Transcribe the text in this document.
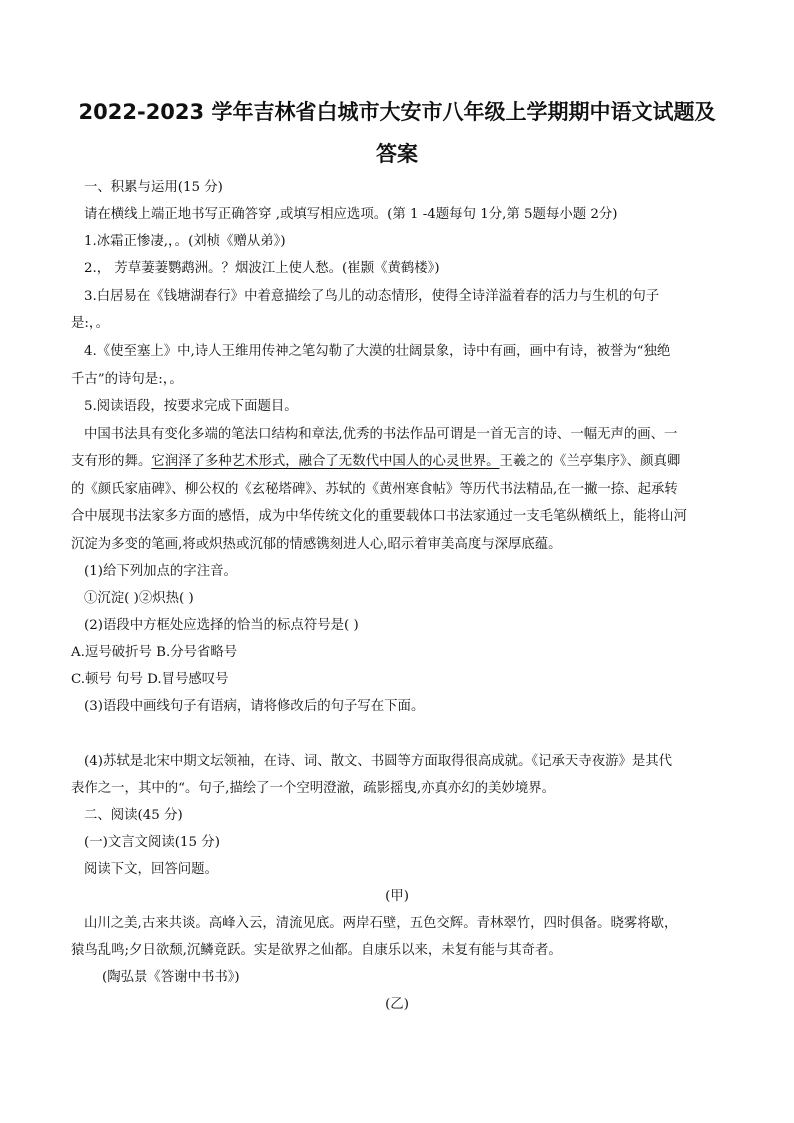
2022-2023 学年吉林省白城市大安市八年级上学期期中语文试题及
答案
一、积累与运用(15 分)
请在横线上端正地书写正确答穿 ,或填写相应选项。(第 1 -4题每句 1分,第 5题每小题 2分)
1.冰霜正惨凄,，。(刘桢《赠从弟》)
2.， 芳草萋萋鹦鹉洲。？烟波江上使人愁。(崔颢《黄鹤楼》)
3.白居易在《钱塘湖春行》中着意描绘了鸟儿的动态情形，使得全诗洋溢着春的活力与生机的句子
是:，。
4.《使至塞上》中,诗人王维用传神之笔勾勒了大漠的壮阔景象，诗中有画，画中有诗，被誉为“独绝
千古”的诗句是:，。
5.阅读语段，按要求完成下面题目。
中国书法具有变化多端的笔法口结构和章法,优秀的书法作品可谓是一首无言的诗、一幅无声的画、一
支有形的舞。它润泽了多种艺术形式，融合了无数代中国人的心灵世界。王羲之的《兰亭集序》、颜真卿
的《颜氏家庙碑》、柳公权的《玄秘塔碑》、苏轼的《黄州寒食帖》等历代书法精品,在一撇一捺、起承转
合中展现书法家多方面的感悟，成为中华传统文化的重要载体口书法家通过一支毛笔纵横纸上，能将山河
沉淀为多变的笔画,将或炽热或沉郁的情感镌刻进人心,昭示着审美高度与深厚底蕴。
(1)给下列加点的字注音。
①沉淀( )②炽热( )
(2)语段中方框处应选择的恰当的标点符号是( )
A.逗号破折号 B.分号省略号
C.顿号 句号 D.冒号感叹号
(3)语段中画线句子有语病，请将修改后的句子写在下面。
(4)苏轼是北宋中期文坛领袖，在诗、词、散文、书圆等方面取得很高成就。《记承天寺夜游》是其代
表作之一，其中的“。句子,描绘了一个空明澄澈，疏影摇曳,亦真亦幻的美妙境界。
二、阅读(45 分)
(一)文言文阅读(15 分)
阅读下文，回答问题。
(甲)
山川之美,古来共谈。高峰入云，清流见底。两岸石壁，五色交辉。青林翠竹，四时俱备。晓雾将歇，
猿鸟乱鸣;夕日欲颓,沉鳞竟跃。实是欲界之仙都。自康乐以来，未复有能与其奇者。
(陶弘景《答谢中书书》)
(乙)
